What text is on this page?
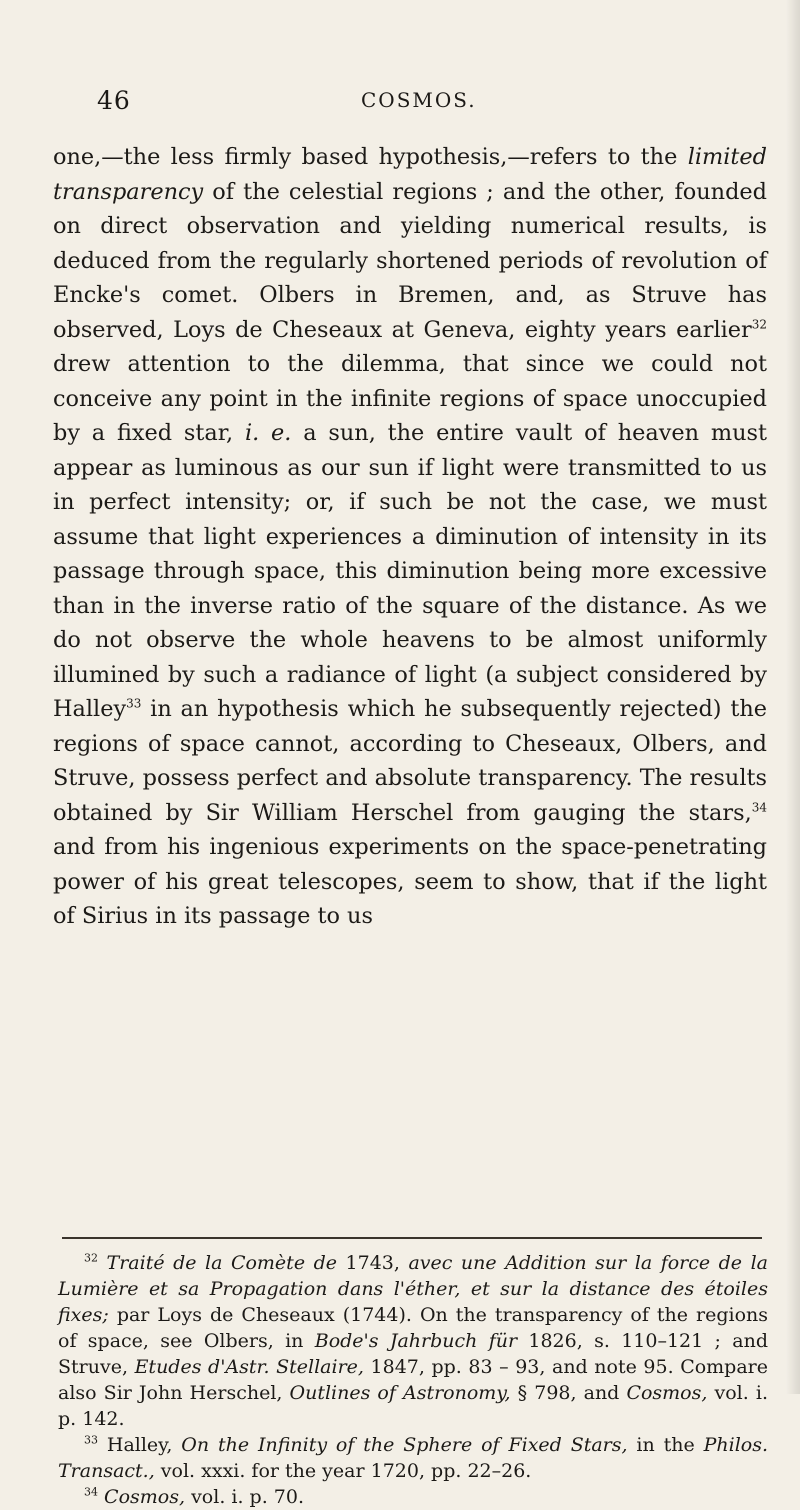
46	COSMOS.

one,—the less firmly based hypothesis,—refers to the limited transparency of the celestial regions ; and the other, founded on direct observation and yielding numerical results, is deduced from the regularly shortened periods of revolution of Encke's comet. Olbers in Bremen, and, as Struve has observed, Loys de Cheseaux at Geneva, eighty years earlier$^{32}$ drew attention to the dilemma, that since we could not conceive any point in the infinite regions of space unoccupied by a fixed star, i. e. a sun, the entire vault of heaven must appear as luminous as our sun if light were transmitted to us in perfect intensity; or, if such be not the case, we must assume that light experiences a diminution of intensity in its passage through space, this diminution being more excessive than in the inverse ratio of the square of the distance. As we do not observe the whole heavens to be almost uniformly illumined by such a radiance of light (a subject considered by Halley$^{33}$ in an hypothesis which he subsequently rejected) the regions of space cannot, according to Cheseaux, Olbers, and Struve, possess perfect and absolute transparency. The results obtained by Sir William Herschel from gauging the stars,$^{34}$ and from his ingenious experiments on the space-penetrating power of his great telescopes, seem to show, that if the light of Sirius in its passage to us

$^{32}$ Traité de la Comète de 1743, avec une Addition sur la force de la Lumière et sa Propagation dans l'éther, et sur la distance des étoiles fixes; par Loys de Cheseaux (1744). On the transparency of the regions of space, see Olbers, in Bode's Jahrbuch für 1826, s. 110–121 ; and Struve, Etudes d'Astr. Stellaire, 1847, pp. 83 – 93, and note 95. Compare also Sir John Herschel, Outlines of Astronomy, § 798, and Cosmos, vol. i. p. 142.

$^{33}$ Halley, On the Infinity of the Sphere of Fixed Stars, in the Philos. Transact., vol. xxxi. for the year 1720, pp. 22–26.

$^{34}$ Cosmos, vol. i. p. 70.
